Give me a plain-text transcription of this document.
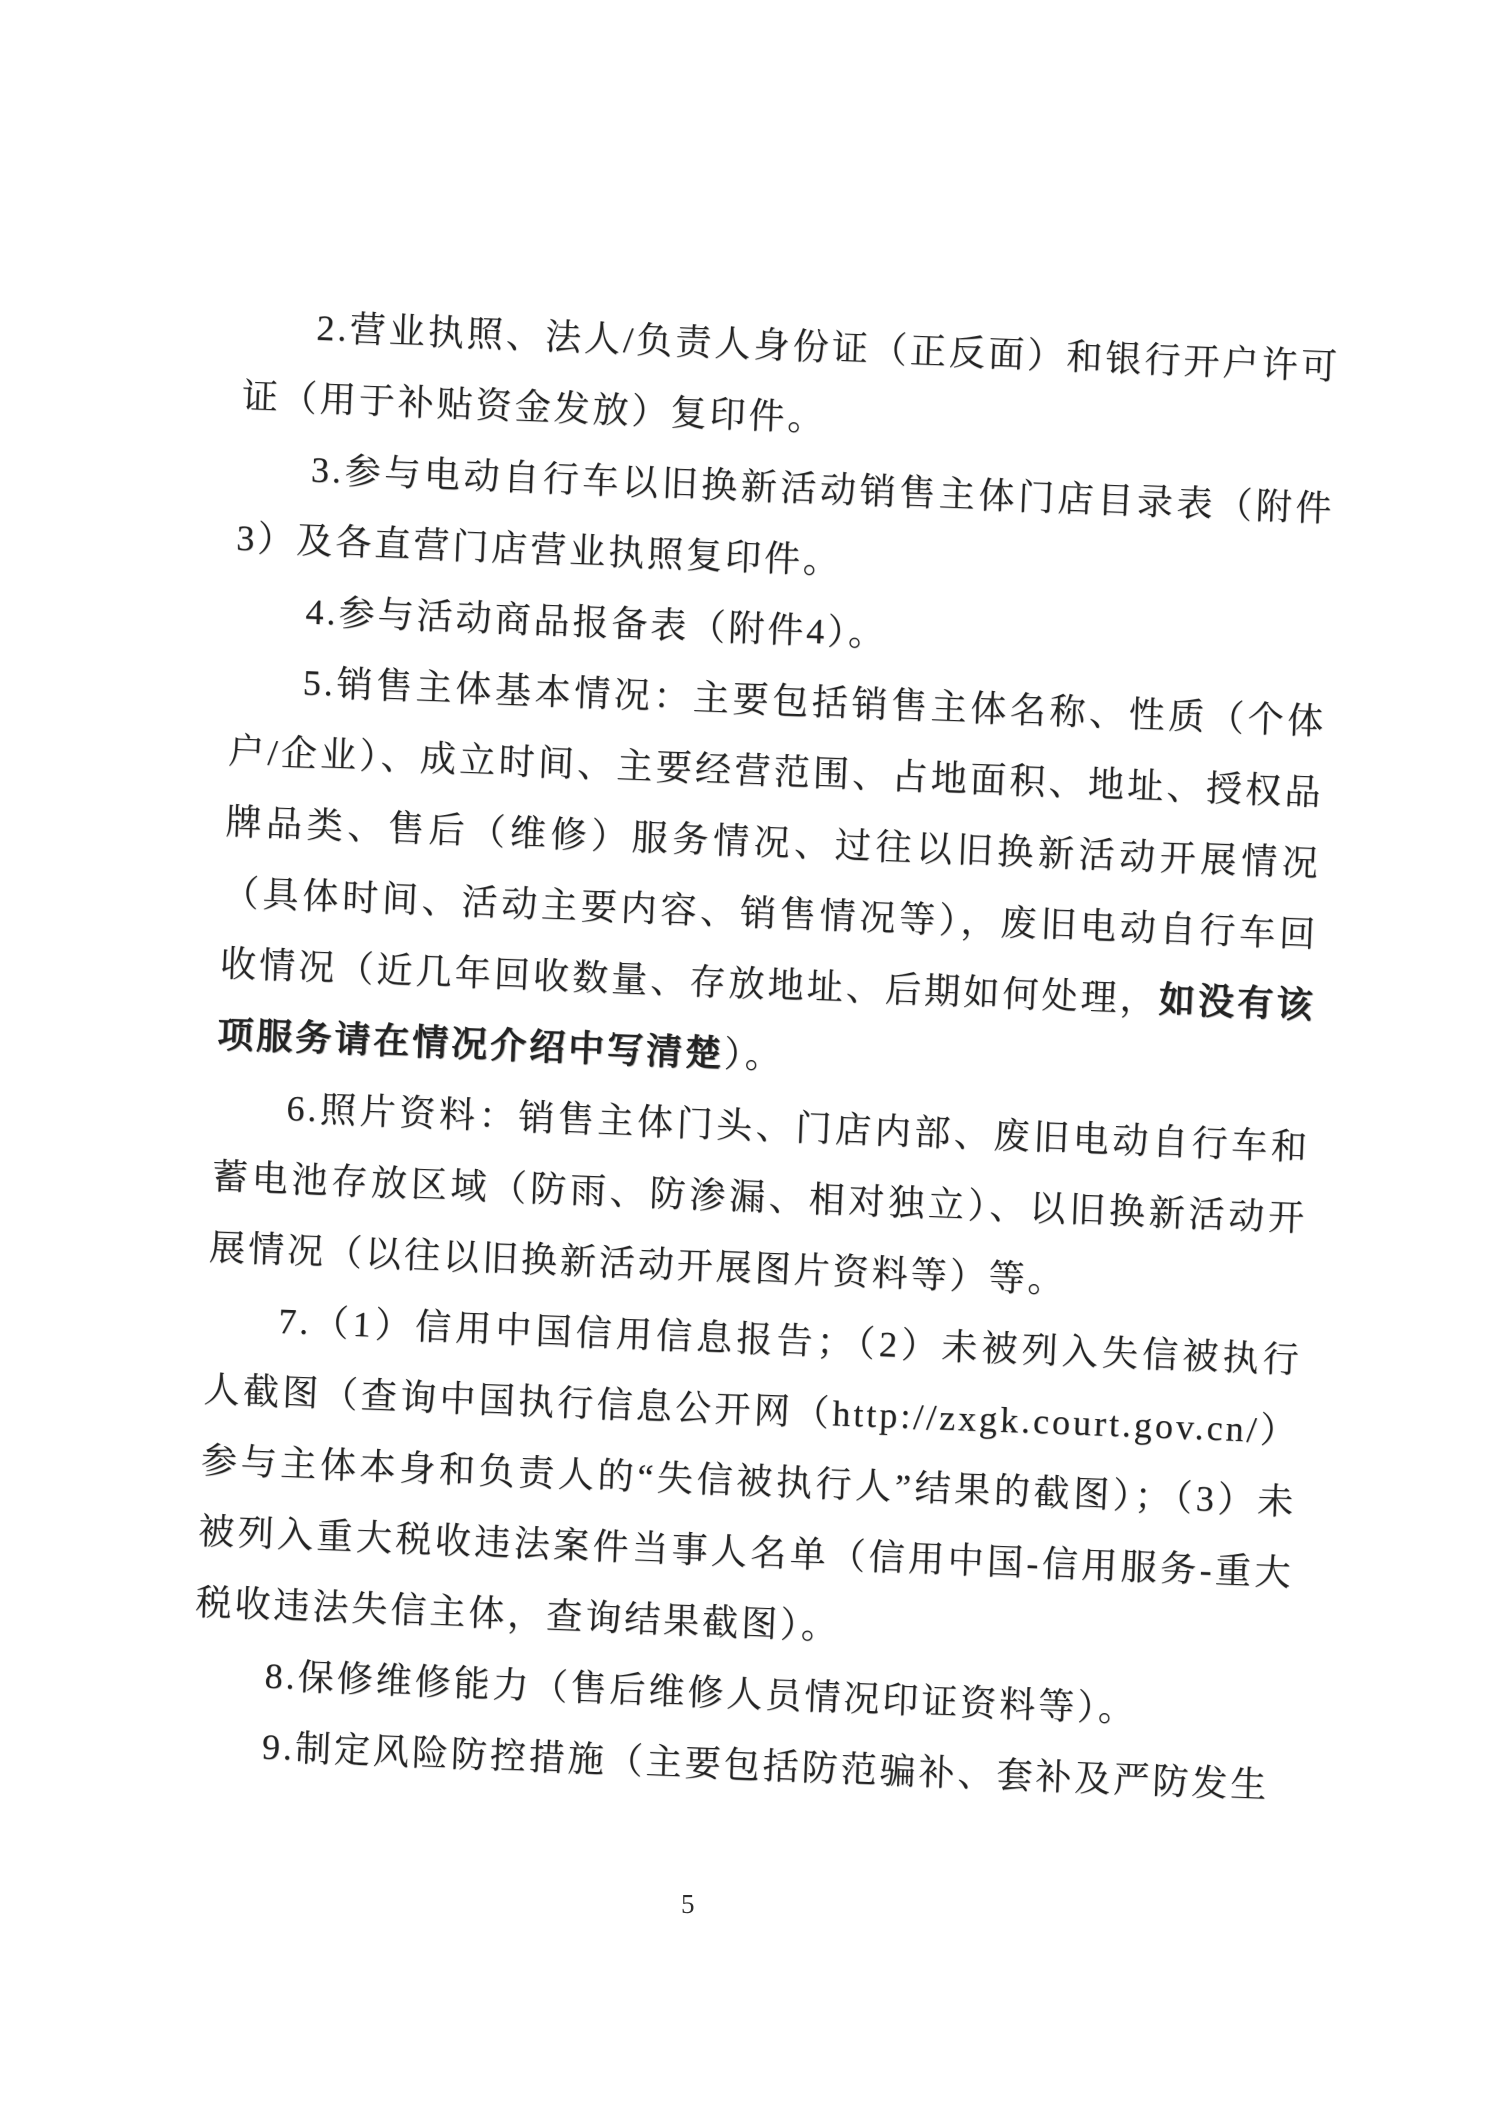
2.营业执照、法人/负责人身份证（正反面）和银行开户许可证（用于补贴资金发放）复印件。

3.参与电动自行车以旧换新活动销售主体门店目录表（附件3）及各直营门店营业执照复印件。

4.参与活动商品报备表（附件4）。

5.销售主体基本情况：主要包括销售主体名称、性质（个体户/企业）、成立时间、主要经营范围、占地面积、地址、授权品牌品类、售后（维修）服务情况、过往以旧换新活动开展情况（具体时间、活动主要内容、销售情况等），废旧电动自行车回收情况（近几年回收数量、存放地址、后期如何处理，如没有该项服务请在情况介绍中写清楚）。

6.照片资料：销售主体门头、门店内部、废旧电动自行车和蓄电池存放区域（防雨、防渗漏、相对独立）、以旧换新活动开展情况（以往以旧换新活动开展图片资料等）等。

7.（1）信用中国信用信息报告；（2）未被列入失信被执行人截图（查询中国执行信息公开网（http://zxgk.court.gov.cn/）参与主体本身和负责人的“失信被执行人”结果的截图）；（3）未被列入重大税收违法案件当事人名单（信用中国-信用服务-重大税收违法失信主体，查询结果截图）。

8.保修维修能力（售后维修人员情况印证资料等）。

9.制定风险防控措施（主要包括防范骗补、套补及严防发生

5
